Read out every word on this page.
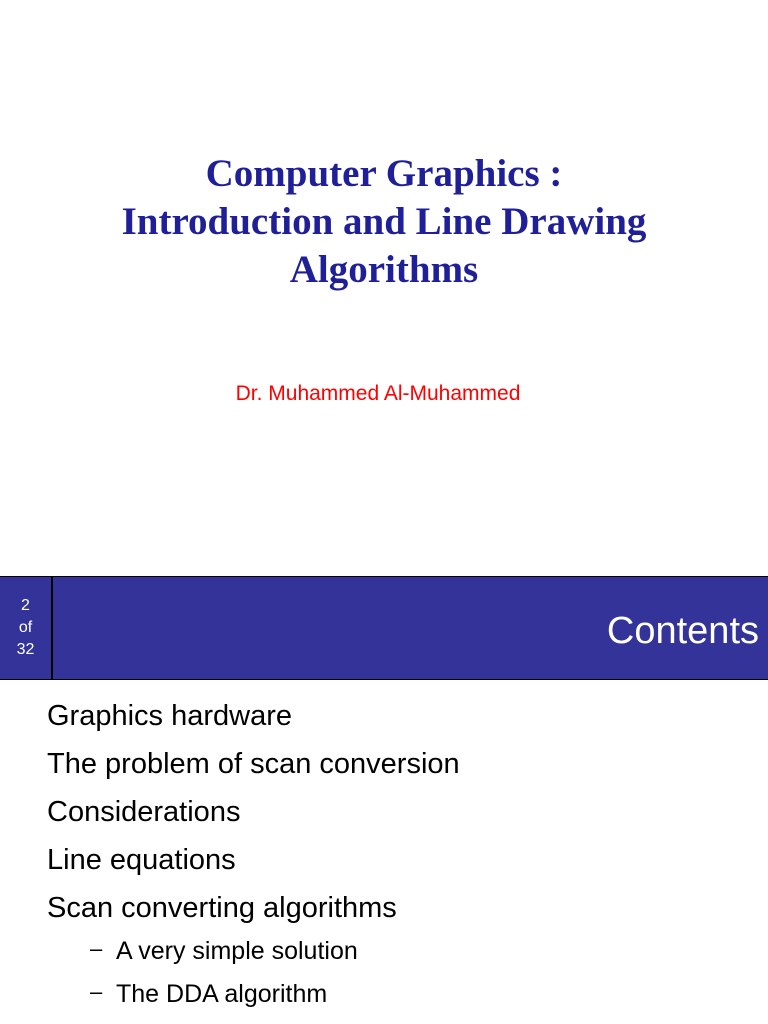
Computer Graphics :
Introduction and Line Drawing
Algorithms
Dr. Muhammed Al-Muhammed
2
of
32	Contents
Graphics hardware
The problem of scan conversion
Considerations
Line equations
Scan converting algorithms
– A very simple solution
– The DDA algorithm
